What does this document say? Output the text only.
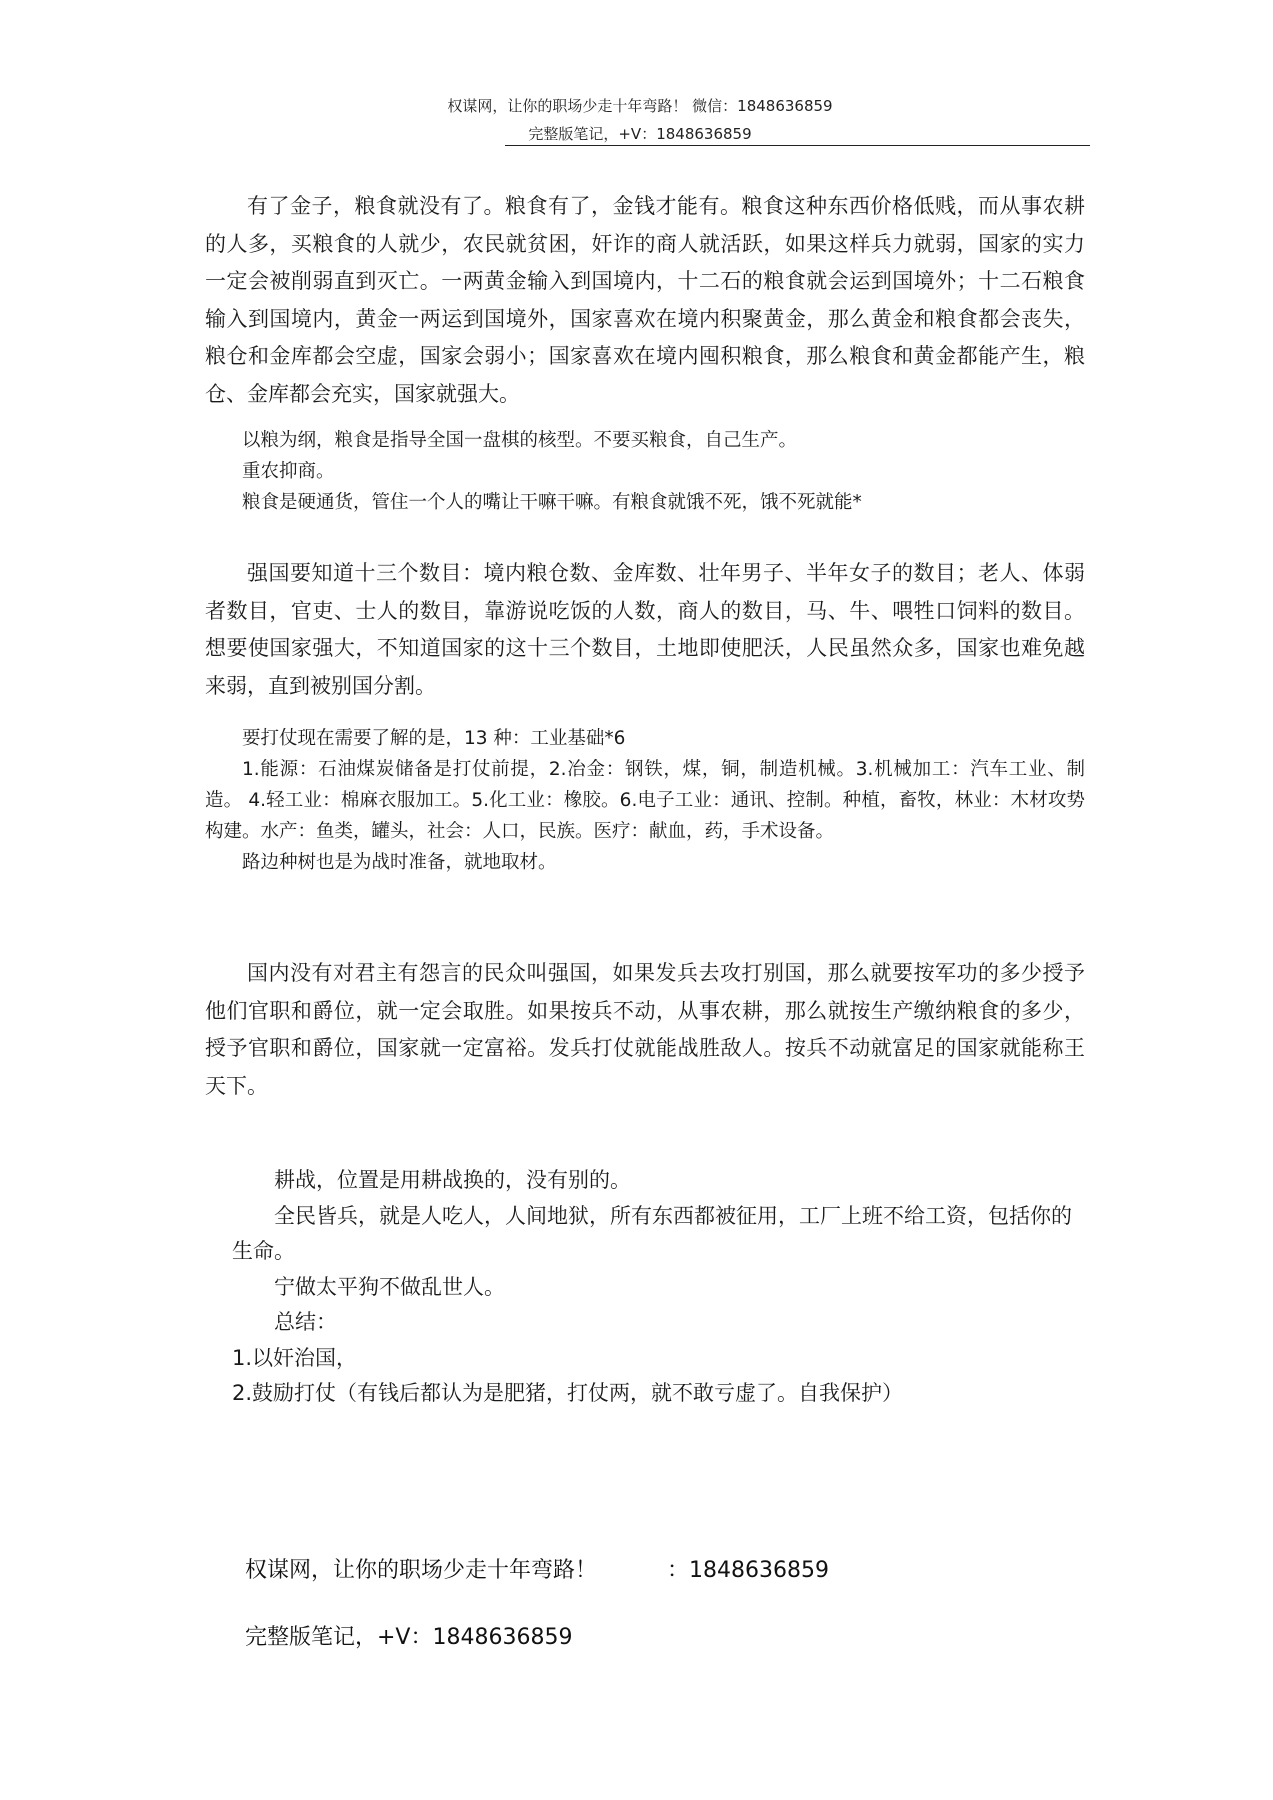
权谋网，让你的职场少走十年弯路！ 微信：1848636859
完整版笔记，+V：1848636859

有了金子，粮食就没有了。粮食有了，金钱才能有。粮食这种东西价格低贱，而从事农耕的人多，买粮食的人就少，农民就贫困，奸诈的商人就活跃，如果这样兵力就弱，国家的实力一定会被削弱直到灭亡。一两黄金输入到国境内，十二石的粮食就会运到国境外；十二石粮食输入到国境内，黄金一两运到国境外，国家喜欢在境内积聚黄金，那么黄金和粮食都会丧失，粮仓和金库都会空虚，国家会弱小；国家喜欢在境内囤积粮食，那么粮食和黄金都能产生，粮仓、金库都会充实，国家就强大。

以粮为纲，粮食是指导全国一盘棋的核型。不要买粮食，自己生产。

重农抑商。

粮食是硬通货，管住一个人的嘴让干嘛干嘛。有粮食就饿不死，饿不死就能*

强国要知道十三个数目：境内粮仓数、金库数、壮年男子、半年女子的数目；老人、体弱者数目，官吏、士人的数目，靠游说吃饭的人数，商人的数目，马、牛、喂牲口饲料的数目。想要使国家强大，不知道国家的这十三个数目，土地即使肥沃，人民虽然众多，国家也难免越来弱，直到被别国分割。

要打仗现在需要了解的是，13 种：工业基础*6

1.能源：石油煤炭储备是打仗前提，2.冶金：钢铁，煤，铜，制造机械。3.机械加工：汽车工业、制造。 4.轻工业：棉麻衣服加工。5.化工业：橡胶。6.电子工业：通讯、控制。种植，畜牧，林业：木材攻势构建。水产：鱼类，罐头，社会：人口，民族。医疗：献血，药，手术设备。

路边种树也是为战时准备，就地取材。

国内没有对君主有怨言的民众叫强国，如果发兵去攻打别国，那么就要按军功的多少授予他们官职和爵位，就一定会取胜。如果按兵不动，从事农耕，那么就按生产缴纳粮食的多少，授予官职和爵位，国家就一定富裕。发兵打仗就能战胜敌人。按兵不动就富足的国家就能称王天下。

耕战，位置是用耕战换的，没有别的。

全民皆兵，就是人吃人，人间地狱，所有东西都被征用，工厂上班不给工资，包括你的生命。

宁做太平狗不做乱世人。

总结：

1.以奸治国，

2.鼓励打仗（有钱后都认为是肥猪，打仗两，就不敢亏虚了。自我保护）

权谋网，让你的职场少走十年弯路！	：1848636859
完整版笔记，+V：1848636859
